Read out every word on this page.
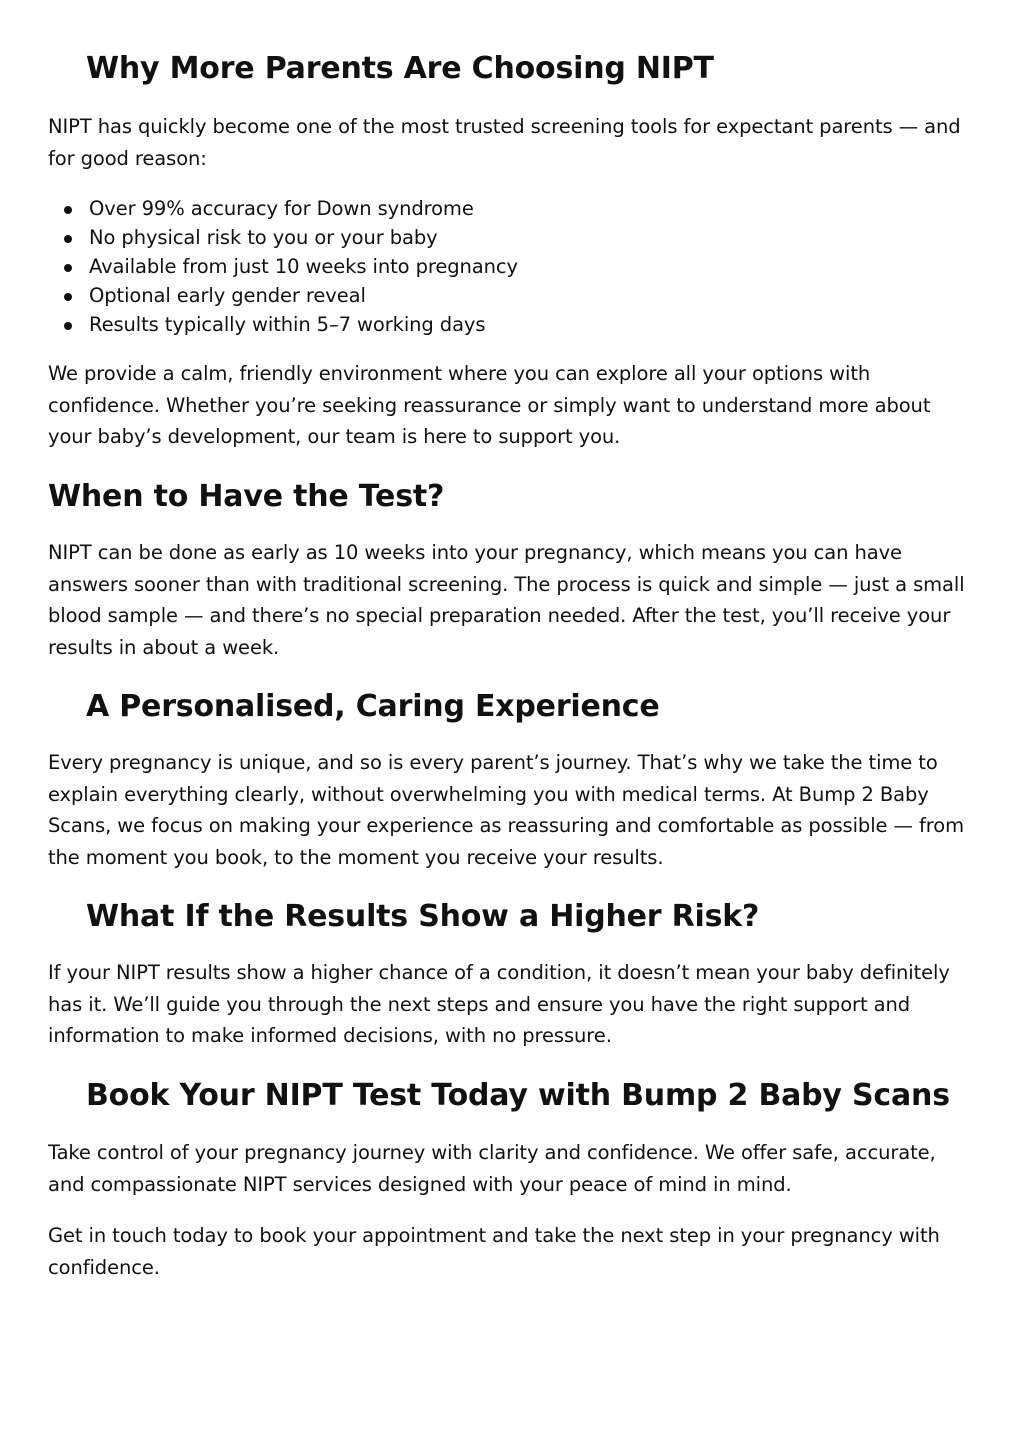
Why More Parents Are Choosing NIPT

NIPT has quickly become one of the most trusted screening tools for expectant parents — and for good reason:

Over 99% accuracy for Down syndrome
No physical risk to you or your baby
Available from just 10 weeks into pregnancy
Optional early gender reveal
Results typically within 5–7 working days

We provide a calm, friendly environment where you can explore all your options with confidence. Whether you’re seeking reassurance or simply want to understand more about your baby’s development, our team is here to support you.

When to Have the Test?

NIPT can be done as early as 10 weeks into your pregnancy, which means you can have answers sooner than with traditional screening. The process is quick and simple — just a small blood sample — and there’s no special preparation needed. After the test, you’ll receive your results in about a week.

A Personalised, Caring Experience

Every pregnancy is unique, and so is every parent’s journey. That’s why we take the time to explain everything clearly, without overwhelming you with medical terms. At Bump 2 Baby Scans, we focus on making your experience as reassuring and comfortable as possible — from the moment you book, to the moment you receive your results.

What If the Results Show a Higher Risk?

If your NIPT results show a higher chance of a condition, it doesn’t mean your baby definitely has it. We’ll guide you through the next steps and ensure you have the right support and information to make informed decisions, with no pressure.

Book Your NIPT Test Today with Bump 2 Baby Scans

Take control of your pregnancy journey with clarity and confidence. We offer safe, accurate, and compassionate NIPT services designed with your peace of mind in mind.

Get in touch today to book your appointment and take the next step in your pregnancy with confidence.
